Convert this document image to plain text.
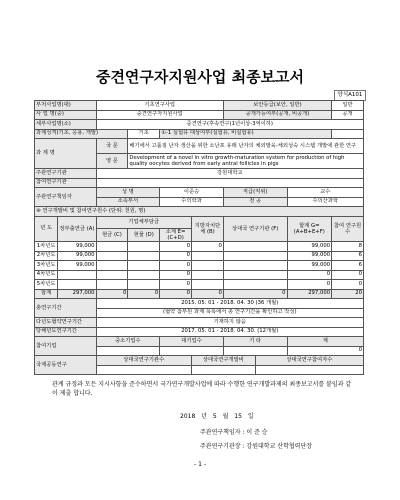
중견연구자지원사업 최종보고서
양식A101
부처사업명(대)		기초연구사업				보안등급(보안, 일반)			일반
사 업 명(중)		중견연구자지원사업				공개가능여부(공개, 비공개)			공개
세부사업명(소)		중견연구(후속연구(1년이상-3억이하)							
과제성격(기초, 응용, 개발)			기초	①-1 실험유 대상여부(실험유, 비실험유)					
과 제 명		국 문	배기에서 고품질 난자 생산을 위한 소난포 유래 난자의 체외발육-체외성숙 시스템 개발에 관한 연구						
		영 문	Development of a novel in vitro growth-maturation system for production of high quality oocytes derived from early antral follicles in pigs						
주관연구기관		강원대학교							
참여연구기관									
주관연구책임자		성 명		이준승		직급(직위)		교수	
		소속부서		수의학과		전 공		수의산과학	
⑧ 연구개발비 및 참여연구원수 (단위: 천원, 명)									
년 도	정부출연금 (A)	기업체부담금			지방자치단체 (B)	상대국 연구기관 (F)		합계 G=(A+B+E+F)	참여 연구원수
		현금 (C)	현물 (D)	소계 E=(C+D)					
1차년도	99,000			0	0			99,000	8
2차년도	99,000			0				99,000	6
3차년도	99,000			0				99,000	6
4차년도				0				0	0
5차년도				0				0	0
합계	297,000	0	0	0	0	0		297,000	20
총연구기간		2015. 05. 01 - 2018. 04. 30 (36 개월)							
		(협약 참부된 과제 목록에서 총 연구기간을 확인하고 작성)							
다년도협약연구기간		기재하지 않음							
당해년도연구기간		2017. 05. 01 - 2018. 04. 30. (12개월)							
참여기업		중소기업수		대기업수		기 타		계	
								0	
국제공동연구		상대국연구기관수			상대국연구개발비		상대국연구참여자수		

관계 규정과 모든 지시사항을 준수하면서 국가연구개발사업에 따라 수행한 연구개발과제의 최종보고서를 붙임과 같이 제출 합니다.
2018 년 5 월 15 일
주관연구책임자 : 이 준 승
주관연구기관장 : 강원대학교 산학협력단장
- 1 -
